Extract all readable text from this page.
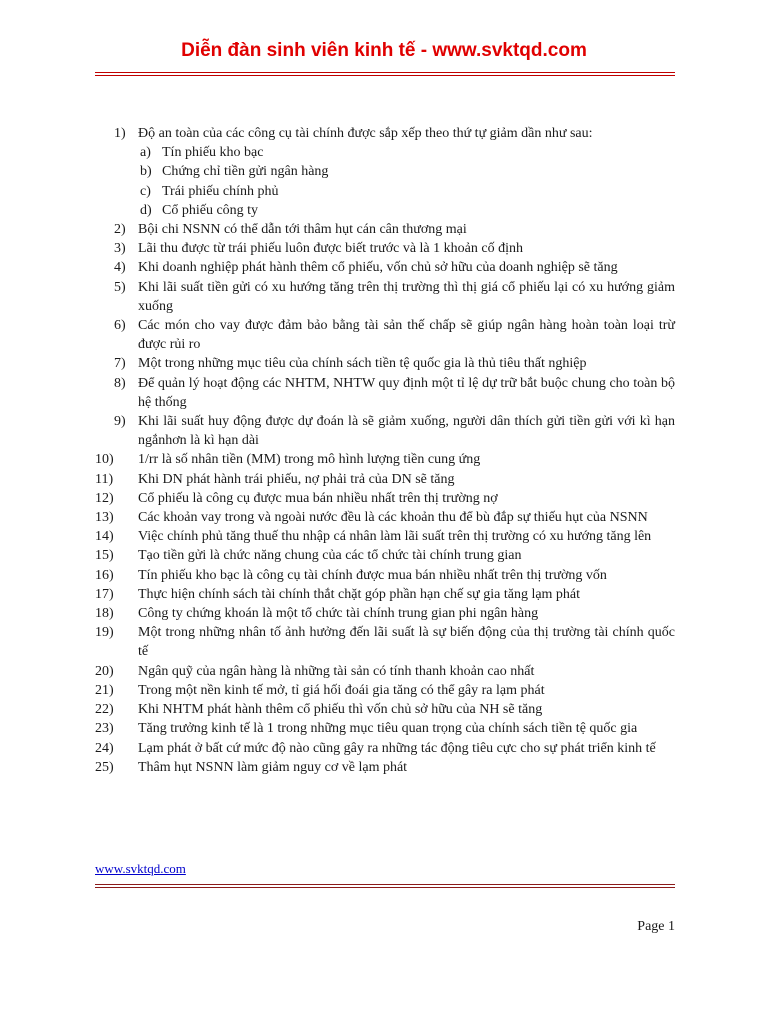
Diễn đàn sinh viên kinh tế - www.svktqd.com
1) Độ an toàn của các công cụ tài chính được sắp xếp theo thứ tự giảm dần như sau:
a) Tín phiếu kho bạc
b) Chứng chỉ tiền gửi ngân hàng
c) Trái phiếu chính phủ
d) Cổ phiếu công ty
2) Bội chi NSNN có thể dẫn tới thâm hụt cán cân thương mại
3) Lãi thu được từ trái phiếu luôn được biết trước và là 1 khoản cố định
4) Khi doanh nghiệp phát hành thêm cổ phiếu, vốn chủ sở hữu của doanh nghiệp sẽ tăng
5) Khi lãi suất tiền gửi có xu hướng tăng trên thị trường thì thị giá cổ phiếu lại có xu hướng giảm xuống
6) Các món cho vay được đảm bảo bằng tài sản thế chấp sẽ giúp ngân hàng hoàn toàn loại trừ được rủi ro
7) Một trong những mục tiêu của chính sách tiền tệ quốc gia là thủ tiêu thất nghiệp
8) Để quản lý hoạt động các NHTM, NHTW quy định một tỉ lệ dự trữ bắt buộc chung cho toàn bộ hệ thống
9) Khi lãi suất huy động được dự đoán là sẽ giảm xuống, người dân thích gửi tiền gửi với kì hạn ngắnhơn là kì hạn dài
10) 1/rr là số nhân tiền (MM) trong mô hình lượng tiền cung ứng
11) Khi DN phát hành trái phiếu, nợ phải trả của DN sẽ tăng
12) Cổ phiếu là công cụ được mua bán nhiều nhất trên thị trường nợ
13) Các khoản vay trong và ngoài nước đều là các khoản thu để bù đắp sự thiếu hụt của NSNN
14) Việc chính phủ tăng thuế thu nhập cá nhân làm lãi suất trên thị trường có xu hướng tăng lên
15) Tạo tiền gửi là chức năng chung của các tổ chức tài chính trung gian
16) Tín phiếu kho bạc là công cụ tài chính được mua bán nhiều nhất trên thị trường vốn
17) Thực hiện chính sách tài chính thắt chặt góp phần hạn chế sự gia tăng lạm phát
18) Công ty chứng khoán là một tổ chức tài chính trung gian phi ngân hàng
19) Một trong những nhân tố ảnh hưởng đến lãi suất là sự biến động của thị trường tài chính quốc tế
20) Ngân quỹ của ngân hàng là những tài sản có tính thanh khoản cao nhất
21) Trong một nền kinh tế mở, tỉ giá hối đoái gia tăng có thể gây ra lạm phát
22) Khi NHTM phát hành thêm cổ phiếu thì vốn chủ sở hữu của NH sẽ tăng
23) Tăng trưởng kinh tế là 1 trong những mục tiêu quan trọng của chính sách tiền tệ quốc gia
24) Lạm phát ở bất cứ mức độ nào cũng gây ra những tác động tiêu cực cho sự phát triển kinh tế
25) Thâm hụt NSNN làm giảm nguy cơ về lạm phát
www.svktqd.com
Page 1
